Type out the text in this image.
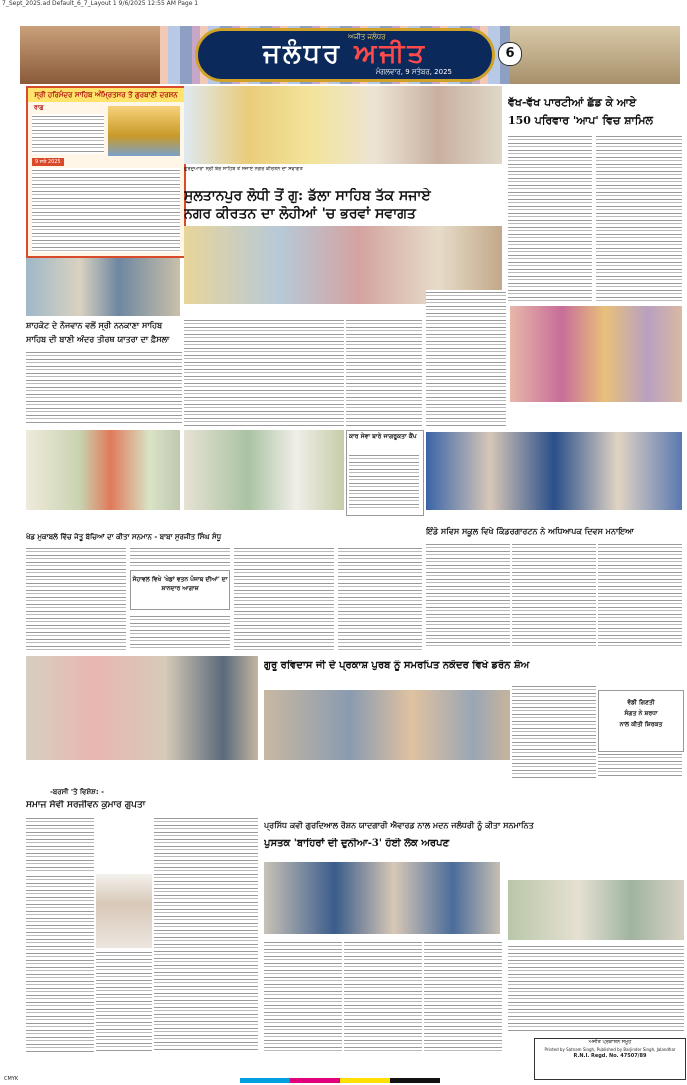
7_Sept_2025.ad Default_6_7_Layout 1 9/6/2025 12:55 AM Page 1
ਅਜੀਤ ਜਲੰਧਰ
ਜਲੰਧਰ ਅਜੀਤ
ਮੰਗਲਵਾਰ, 9 ਸਤੰਬਰ, 2025
6
ਸ੍ਰੀ ਹਰਿਮੰਦਰ ਸਾਹਿਬ ਅੰਮ੍ਰਿਤਸਰ ਤੋਂ ਗੁਰਬਾਣੀ ਦਰਸ਼ਨ
ਰਾਗੁ
9 ਸਤੰ 2025
ਗੁਰਦੁਆਰਾ ਸ੍ਰੀ ਬੇਰ ਸਾਹਿਬ ਤੋਂ ਸਜਾਏ ਨਗਰ ਕੀਰਤਨ ਦਾ ਸਵਾਗਤ
ਸੁਲਤਾਨਪੁਰ ਲੋਧੀ ਤੋਂ ਗੁ: ਡੱਲਾ ਸਾਹਿਬ ਤੱਕ ਸਜਾਏ
ਨਗਰ ਕੀਰਤਨ ਦਾ ਲੋਹੀਆਂ 'ਚ ਭਰਵਾਂ ਸਵਾਗਤ
ਵੱਖ-ਵੱਖ ਪਾਰਟੀਆਂ ਛੱਡ ਕੇ ਆਏ
150 ਪਰਿਵਾਰ 'ਆਪ' ਵਿਚ ਸ਼ਾਮਿਲ
ਸ਼ਾਹਕੋਟ ਦੇ ਨੌਜਵਾਨ ਵਲੋਂ ਸ੍ਰੀ ਨਨਕਾਣਾ ਸਾਹਿਬ
ਸਾਹਿਬ ਦੀ ਬਾਣੀ ਅੰਦਰ ਤੀਰਥ ਯਾਤਰਾ ਦਾ ਫ਼ੈਸਲਾ
ਕਾਰ ਸੇਵਾ ਬਾਰੇ ਜਾਗਰੂਕਤਾ ਕੈਂਪ
ਇੰਡੋ ਸਵਿਸ ਸਕੂਲ ਵਿਖੇ ਕਿੰਡਰਗਾਰਟਨ ਨੇ ਅਧਿਆਪਕ ਦਿਵਸ ਮਨਾਇਆ
ਖੇਡ ਮੁਕਾਬਲੇ ਵਿੱਚ ਜੇਤੂ ਬੱਚਿਆਂ ਦਾ ਕੀਤਾ ਸਨਮਾਨ - ਬਾਬਾ ਸੁਰਜੀਤ ਸਿੰਘ ਸੰਧੂ
ਸੋਹਾਵਲ ਵਿਖੇ 'ਖੇਡਾਂ ਵਤਨ ਪੰਜਾਬ ਦੀਆਂ' ਦਾ ਸ਼ਾਨਦਾਰ ਆਗਾਜ਼
ਗੁਰੂ ਰਵਿਦਾਸ ਜੀ ਦੇ ਪ੍ਰਕਾਸ਼ ਪੁਰਬ ਨੂੰ ਸਮਰਪਿਤ ਨਕੋਦਰ ਵਿਖੇ ਡਰੋਨ ਸ਼ੋਅ
ਵੱਡੀ ਗਿਣਤੀ
ਸੰਗਤ ਨੇ ਸ਼ਰਧਾ
ਨਾਲ ਕੀਤੀ ਸ਼ਿਰਕਤ
-ਬਰਸੀ 'ਤੇ ਵਿਸ਼ੇਸ਼: -
ਸਮਾਜ ਸੇਵੀ ਸਰਜੀਵਨ ਕੁਮਾਰ ਗੁਪਤਾ
ਪ੍ਰਸਿੱਧ ਕਵੀ ਗੁਰਦਿਆਲ ਰੌਸ਼ਨ ਯਾਦਗਾਰੀ ਐਵਾਰਡ ਨਾਲ ਮਦਨ ਜਲੰਧਰੀ ਨੂੰ ਕੀਤਾ ਸਨਮਾਨਿਤ
ਪੁਸਤਕ 'ਬਾਹਿਰਾਂ ਦੀ ਦੁਨੀਆ-3' ਹੋਈ ਲੋਕ ਅਰਪਣ
ਅਜੀਤ ਪ੍ਰਕਾਸ਼ਨ ਸਮੂਹ
Printed by Satnam Singh, Published by Barjinder Singh, Jalandhar
R.N.I. Regd. No. 47507/89
CMYK
